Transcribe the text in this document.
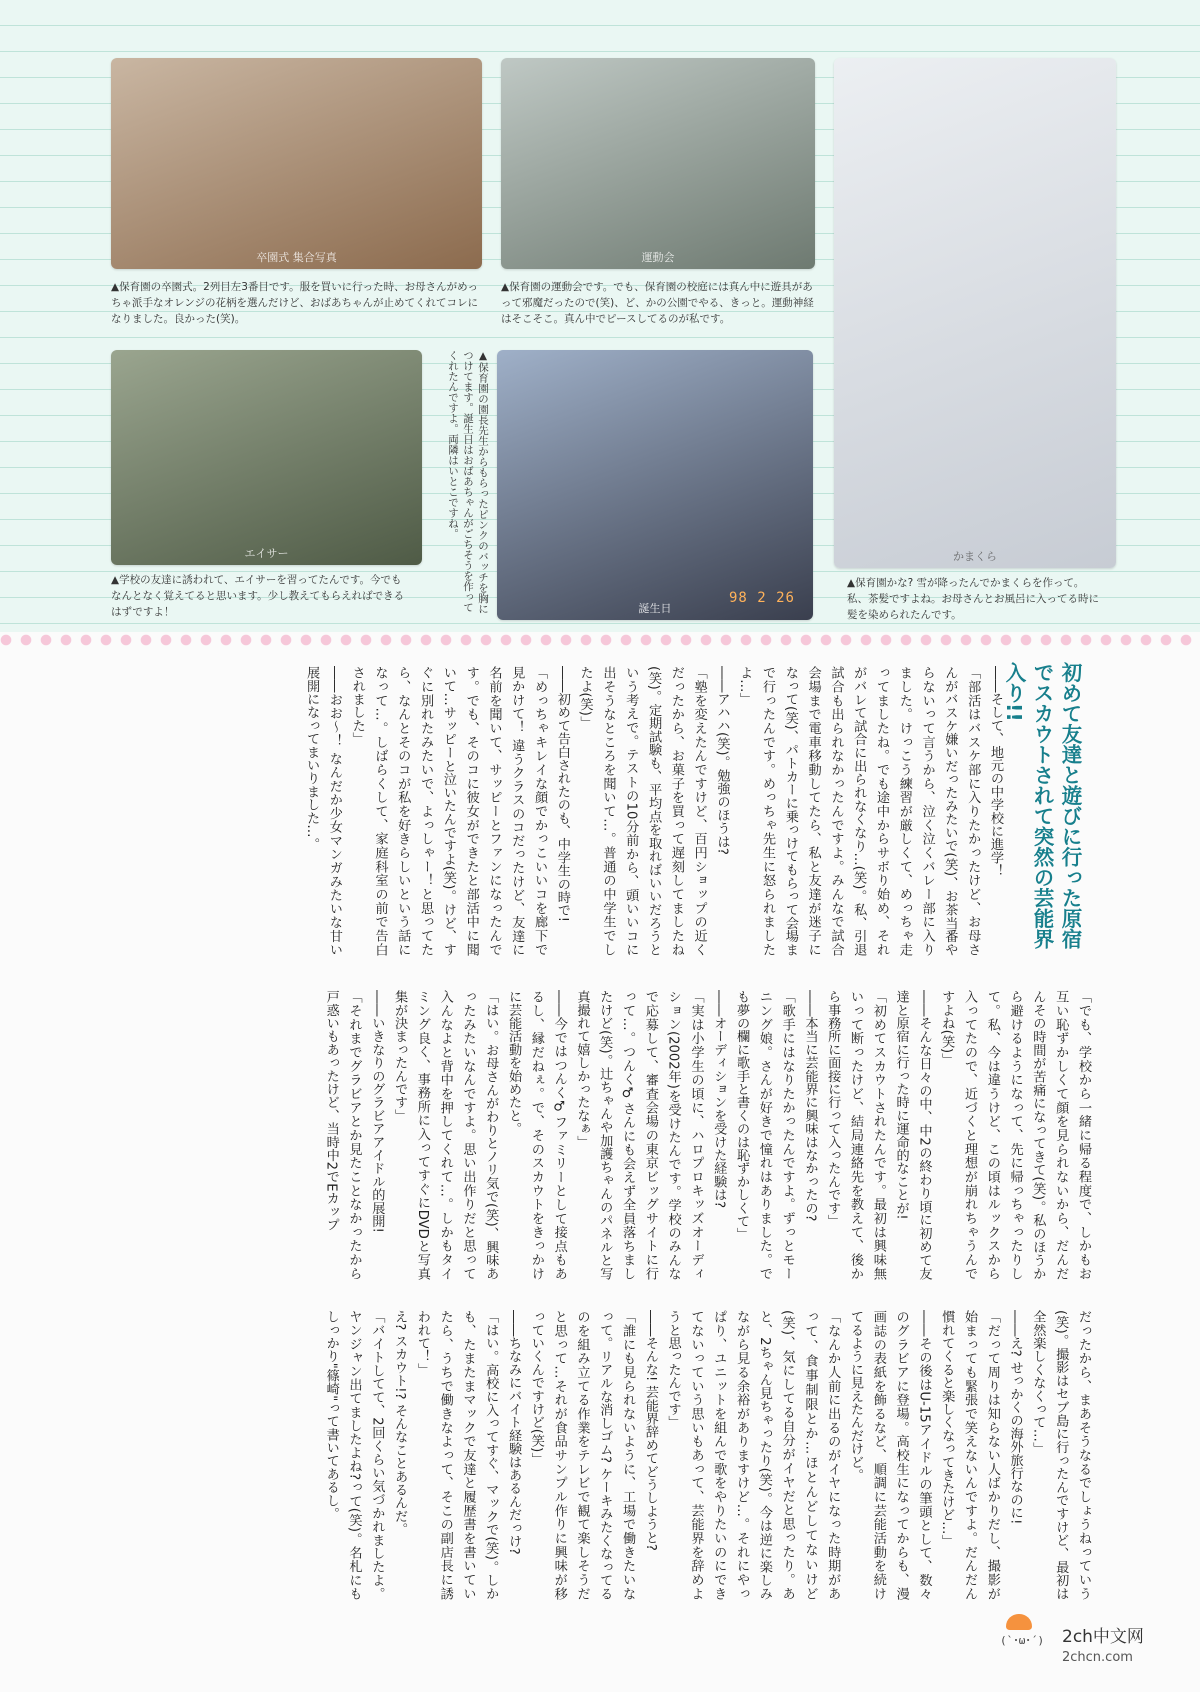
卒園式 集合写真	運動会
かまくら
エイサー
誕生日
98 2 26
▲保育園の卒園式。2列目左3番目です。服を買いに行った時、お母さんがめっちゃ派手なオレンジの花柄を選んだけど、おばあちゃんが止めてくれてコレになりました。良かった(笑)。
▲保育園の運動会です。でも、保育園の校庭には真ん中に遊具があって邪魔だったので(笑)、ど、かの公園でやる、きっと。運動神経はそこそこ。真ん中でピースしてるのが私です。
▲保育園かな? 雪が降ったんでかまくらを作って。私、茶髪ですよね。お母さんとお風呂に入ってる時に髪を染められたんです。
▲学校の友達に誘われて、エイサーを習ってたんです。今でもなんとなく覚えてると思います。少し教えてもらえればできるはずですよ！	▲保育園の園長先生からもらったピンクのバッチを胸につけてます。誕生日はおばあちゃんがごちそうを作ってくれたんですよ。両隣はいとこですね。
初めて友達と遊びに行った原宿でスカウトされて突然の芸能界入り!!

――そして、地元の中学校に進学！

「部活はバスケ部に入りたかったけど、お母さんがバスケ嫌いだったみたいで(笑)、お茶当番やらないって言うから、泣く泣くバレー部に入りました。けっこう練習が厳しくて、めっちゃ走ってましたね。でも途中からサボり始め、それがバレて試合に出られなくなり…(笑)。私、引退試合も出られなかったんですよ。みんなで試合会場まで電車移動してたら、私と友達が迷子になって(笑)、パトカーに乗っけてもらって会場まで行ったんです。めっちゃ先生に怒られましたよ…」

――アハハ(笑)。勉強のほうは?

「塾を変えたんですけど、百円ショップの近くだったから、お菓子を買って遅刻してましたね(笑)。定期試験も、平均点を取ればいいだろうという考えで。テストの10分前から、頭いいコに出そうなところを聞いて…。普通の中学生でしたよ(笑)」

――初めて告白されたのも、中学生の時で!

「めっちゃキレイな顔でかっこいいコを廊下で見かけて！ 違うクラスのコだったけど、友達に名前を聞いて、サッピーとファンになったんです。でも、そのコに彼女ができたと部活中に聞いて…サッピーと泣いたんですよ(笑)。けど、すぐに別れたみたいで、よっしゃー！と思ってたら、なんとそのコが私を好きらしいという話になって…。しばらくして、家庭科室の前で告白されました」

――おお～！ なんだか少女マンガみたいな甘い展開になってまいりました…。

「でも、学校から一緒に帰る程度で、しかもお互い恥ずかしくて顔を見られないから、だんだんその時間が苦痛になってきて(笑)。私のほうから避けるようになって、先に帰っちゃったりして。私、今は違うけど、この頃はルックスから入ってたので、近づくと理想が崩れちゃうんですよね(笑)」

――そんな日々の中、中2の終わり頃に初めて友達と原宿に行った時に運命的なことが!

「初めてスカウトされたんです。最初は興味無いって断ったけど、結局連絡先を教えて、後から事務所に面接に行って入ったんです」

――本当に芸能界に興味はなかったの?

「歌手にはなりたかったんですよ。ずっとモーニング娘。さんが好きで憧れはありました。でも夢の欄に歌手と書くのは恥ずかしくて」

――オーディションを受けた経験は?

「実は小学生の頃に、ハロプロキッズオーディション(2002年)を受けたんです。学校のみんなで応募して、審査会場の東京ビッグサイトに行って…。つんく♂さんにも会えず全員落ちましたけど(笑)。辻ちゃんや加護ちゃんのパネルと写真撮れて嬉しかったなぁ」

――今ではつんく♂ファミリーとして接点もあるし、縁だねぇ。で、そのスカウトをきっかけに芸能活動を始めたと。

「はい。お母さんがわりとノリ気で(笑)、興味あったみたいなんですよ。思い出作りだと思って入んなよと背中を押してくれて…。しかもタイミング良く、事務所に入ってすぐにDVDと写真集が決まったんです」

――いきなりのグラビアアイドル的展開!

「それまでグラビアとか見たことなかったから戸惑いもあったけど、当時中2でEカップ

だったから、まあそうなるでしょうねっていう(笑)。撮影はセブ島に行ったんですけど、最初は全然楽しくなくって…」

――え? せっかくの海外旅行なのに!

「だって周りは知らない人ばかりだし、撮影が始まっても緊張で笑えないんですよ。だんだん慣れてくると楽しくなってきたけど…」

――その後はU-15アイドルの筆頭として、数々のグラビアに登場。高校生になってからも、漫画誌の表紙を飾るなど、順調に芸能活動を続けてるように見えたんだけど。

「なんか人前に出るのがイヤになった時期があって、食事制限とか…ほとんどしてないけど(笑)、気にしてる自分がイヤだと思ったり。あと、2ちゃん見ちゃったり(笑)。今は逆に楽しみながら見る余裕がありますけど…。それにやっぱり、ユニットを組んで歌をやりたいのにできてないっていう思いもあって、芸能界を辞めようと思ったんです」

――そんな! 芸能界辞めてどうしようと?

「誰にも見られないように、工場で働きたいなって。リアルな消しゴム? ケーキみたくなってるのを組み立てる作業をテレビで観て楽しそうだと思って…それが食品サンプル作りに興味が移っていくんですけど(笑)」

――ちなみにバイト経験はあるんだっけ?

「はい。高校に入ってすぐ、マックで(笑)。しかも、たまたまマックで友達と履歴書を書いていたら、うちで働きなよって、そこの副店長に誘われて！」

え? スカウト!? そんなことあるんだ。

「バイトしてて、2回くらい気づかれましたよ。ヤンジャン出てましたよね?って(笑)。名札にもしっかり"篠崎"って書いてあるし。

(`･ω･´)	2ch中文网
2chcn.com
